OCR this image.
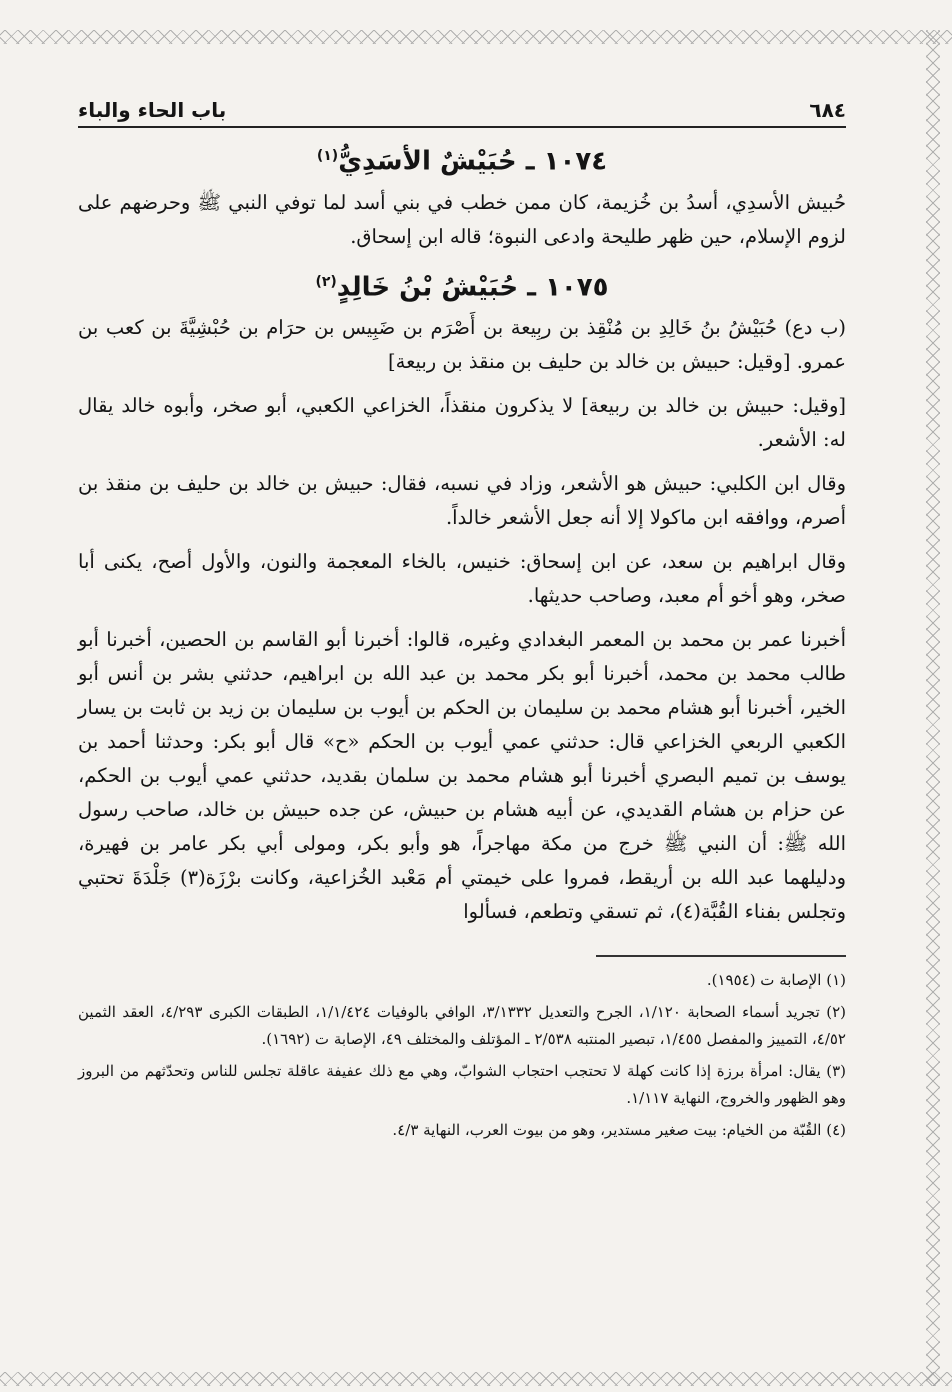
٦٨٤
باب الحاء والباء
١٠٧٤ ـ حُبَيْشٌ الأسَدِيُّ$^{(١)}$

حُبيش الأسدِي، أسدُ بن خُزيمة، كان ممن خطب في بني أسد لما توفي النبي ﷺ وحرضهم على لزوم الإسلام، حين ظهر طليحة وادعى النبوة؛ قاله ابن إسحاق.

١٠٧٥ ـ حُبَيْشُ بْنُ خَالِدٍ$^{(٢)}$

(ب دع) حُبَيْشُ بنُ خَالِدِ بن مُنْقِذ بن ربِيعة بن أَصْرَم بن ضَبِيس بن حرَام بن حُبْشِيَّةَ بن كعب بن عمرو. [وقيل: حبيش بن خالد بن حليف بن منقذ بن ربيعة]

[وقيل: حبيش بن خالد بن ربيعة] لا يذكرون منقذاً، الخزاعي الكعبي، أبو صخر، وأبوه خالد يقال له: الأشعر.

وقال ابن الكلبي: حبيش هو الأشعر، وزاد في نسبه، فقال: حبيش بن خالد بن حليف بن منقذ بن أصرم، ووافقه ابن ماكولا إلا أنه جعل الأشعر خالداً.

وقال ابراهيم بن سعد، عن ابن إسحاق: خنيس، بالخاء المعجمة والنون، والأول أصح، يكنى أبا صخر، وهو أخو أم معبد، وصاحب حديثها.

أخبرنا عمر بن محمد بن المعمر البغدادي وغيره، قالوا: أخبرنا أبو القاسم بن الحصين، أخبرنا أبو طالب محمد بن محمد، أخبرنا أبو بكر محمد بن عبد الله بن ابراهيم، حدثني بشر بن أنس أبو الخير، أخبرنا أبو هشام محمد بن سليمان بن الحكم بن أيوب بن سليمان بن زيد بن ثابت بن يسار الكعبي الربعي الخزاعي قال: حدثني عمي أيوب بن الحكم «ح» قال أبو بكر: وحدثنا أحمد بن يوسف بن تميم البصري أخبرنا أبو هشام محمد بن سلمان بقديد، حدثني عمي أيوب بن الحكم، عن حزام بن هشام القديدي، عن أبيه هشام بن حبيش، عن جده حبيش بن خالد، صاحب رسول الله ﷺ: أن النبي ﷺ خرج من مكة مهاجراً، هو وأبو بكر، ومولى أبي بكر عامر بن فهيرة، ودليلهما عبد الله بن أريقط، فمروا على خيمتي أم مَعْبد الخُزاعية، وكانت برْزَة(٣) جَلْدَةَ تحتبي وتجلس بفناء القُبَّة(٤)، ثم تسقي وتطعم، فسألوا

(١) الإصابة ت (١٩٥٤).

(٢) تجريد أسماء الصحابة ١/١٢٠، الجرح والتعديل ٣/١٣٣٢، الوافي بالوفيات ١/١/٤٢٤، الطبقات الكبرى ٤/٢٩٣، العقد الثمين ٤/٥٢، التمييز والمفصل ١/٤٥٥، تبصير المنتبه ٢/٥٣٨ ـ المؤتلف والمختلف ٤٩، الإصابة ت (١٦٩٢).

(٣) يقال: امرأة برزة إذا كانت كهلة لا تحتجب احتجاب الشوابّ، وهي مع ذلك عفيفة عاقلة تجلس للناس وتحدّثهم من البروز وهو الظهور والخروج، النهاية ١/١١٧.

(٤) القُبّة من الخيام: بيت صغير مستدير، وهو من بيوت العرب، النهاية ٤/٣.
